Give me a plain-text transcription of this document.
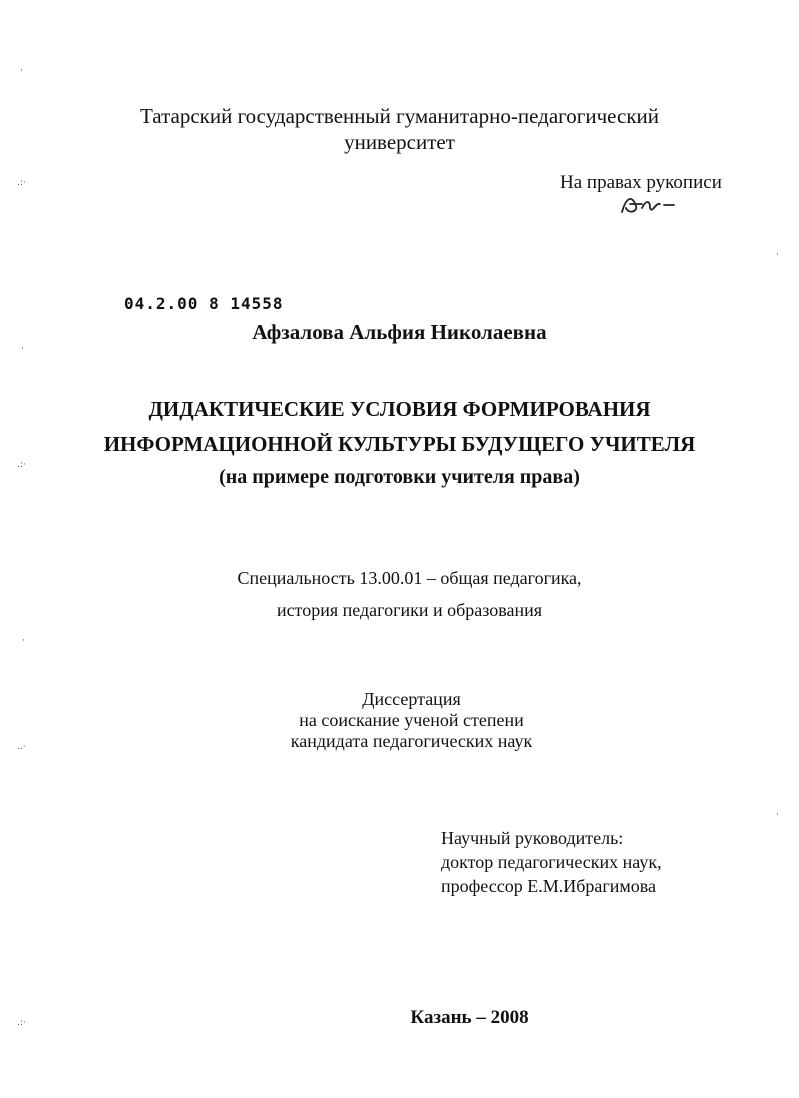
·
.:·
·
.:·
·
..·
.:·
·
·
Татарский государственный гуманитарно-педагогический
университет
На правах рукописи
04.2.00 8 14558
Афзалова Альфия Николаевна
ДИДАКТИЧЕСКИЕ УСЛОВИЯ ФОРМИРОВАНИЯ
ИНФОРМАЦИОННОЙ КУЛЬТУРЫ БУДУЩЕГО УЧИТЕЛЯ
(на примере подготовки учителя права)
Специальность 13.00.01 – общая педагогика,
история педагогики и образования
Диссертация
на соискание ученой степени
кандидата педагогических наук
Научный руководитель:
доктор педагогических наук,
профессор Е.М.Ибрагимова
Казань – 2008
